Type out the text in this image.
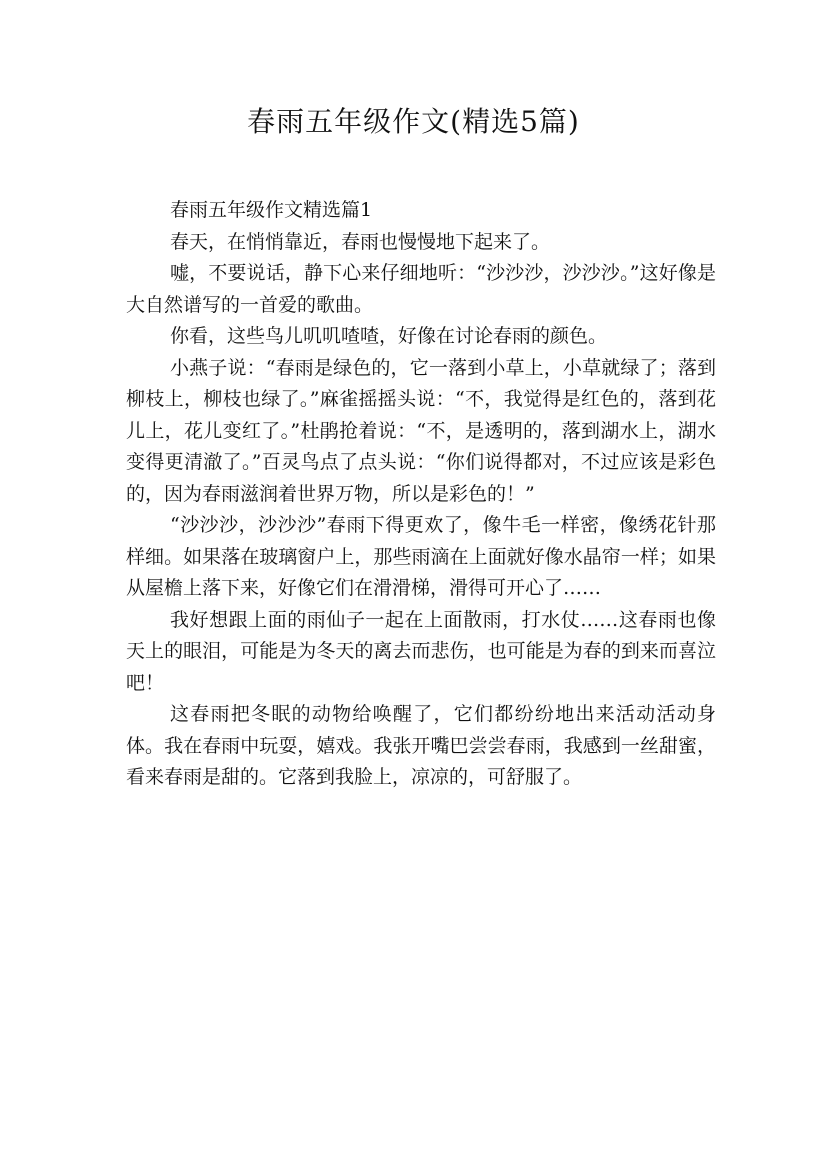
春雨五年级作文(精选5篇)

春雨五年级作文精选篇1

春天，在悄悄靠近，春雨也慢慢地下起来了。

嘘，不要说话，静下心来仔细地听：“沙沙沙，沙沙沙。”这好像是大自然谱写的一首爱的歌曲。

你看，这些鸟儿叽叽喳喳，好像在讨论春雨的颜色。

小燕子说：“春雨是绿色的，它一落到小草上，小草就绿了；落到柳枝上，柳枝也绿了。”麻雀摇摇头说：“不，我觉得是红色的，落到花儿上，花儿变红了。”杜鹃抢着说：“不，是透明的，落到湖水上，湖水变得更清澈了。”百灵鸟点了点头说：“你们说得都对，不过应该是彩色的，因为春雨滋润着世界万物，所以是彩色的！”

“沙沙沙，沙沙沙”春雨下得更欢了，像牛毛一样密，像绣花针那样细。如果落在玻璃窗户上，那些雨滴在上面就好像水晶帘一样；如果从屋檐上落下来，好像它们在滑滑梯，滑得可开心了……

我好想跟上面的雨仙子一起在上面散雨，打水仗……这春雨也像天上的眼泪，可能是为冬天的离去而悲伤，也可能是为春的到来而喜泣吧！

这春雨把冬眠的动物给唤醒了，它们都纷纷地出来活动活动身体。我在春雨中玩耍，嬉戏。我张开嘴巴尝尝春雨，我感到一丝甜蜜，看来春雨是甜的。它落到我脸上，凉凉的，可舒服了。
